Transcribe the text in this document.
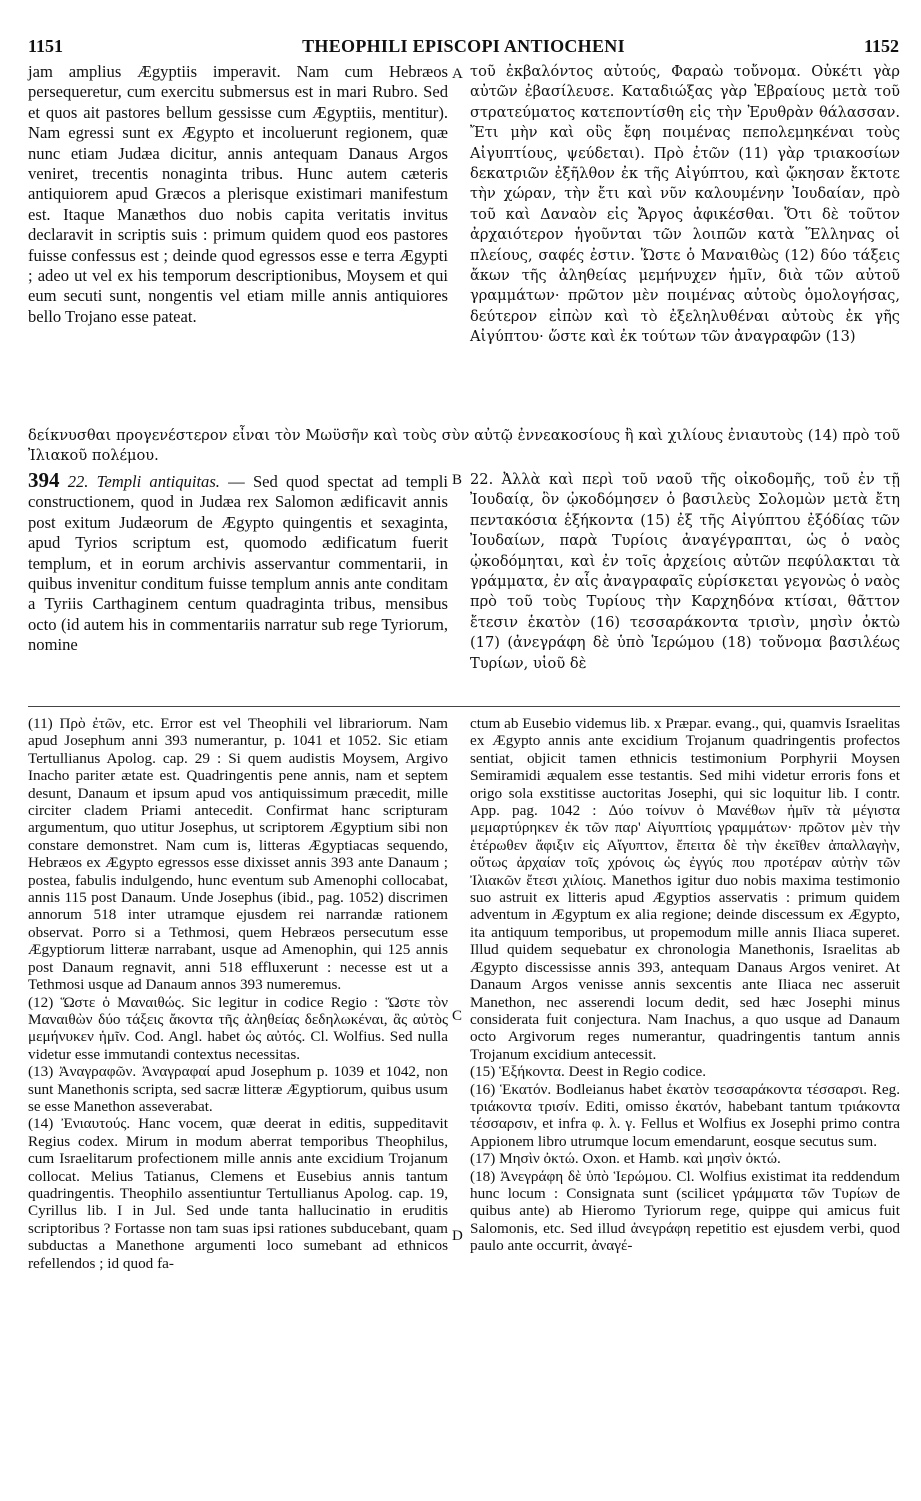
1151	THEOPHILI EPISCOPI ANTIOCHENI	1152

jam amplius Ægyptiis imperavit. Nam cum Hebræos persequeretur, cum exercitu submersus est in mari Rubro. Sed et quos ait pastores bellum gessisse cum Ægyptiis, mentitur). Nam egressi sunt ex Ægypto et incoluerunt regionem, quæ nunc etiam Judæa dicitur, annis antequam Danaus Argos veniret, trecentis nonaginta tribus. Hunc autem cæteris antiquiorem apud Græcos a plerisque existimari manifestum est. Itaque Manæthos duo nobis capita veritatis invitus declaravit in scriptis suis : primum quidem quod eos pastores fuisse confessus est ; deinde quod egressos esse e terra Ægypti ; adeo ut vel ex his temporum descriptionibus, Moysem et qui eum secuti sunt, nongentis vel etiam mille annis antiquiores bello Trojano esse pateat.

A τοῦ ἐκβαλόντος αὐτούς, Φαραὼ τοὔνομα. Οὐκέτι γὰρ αὐτῶν ἐβασίλευσε. Καταδιώξας γὰρ Ἑβραίους μετὰ τοῦ στρατεύματος κατεποντίσθη εἰς τὴν Ἐρυθρὰν θάλασσαν. Ἔτι μὴν καὶ οὓς ἔφη ποιμένας πεπολεμηκέναι τοὺς Αἰγυπτίους, ψεύδεται). Πρὸ ἐτῶν (11) γὰρ τριακοσίων δεκατριῶν ἐξῆλθον ἐκ τῆς Αἰγύπτου, καὶ ᾤκησαν ἔκτοτε τὴν χώραν, τὴν ἔτι καὶ νῦν καλουμένην Ἰουδαίαν, πρὸ τοῦ καὶ Δαναὸν εἰς Ἄργος ἀφικέσθαι. Ὅτι δὲ τοῦτον ἀρχαιότερον ἡγοῦνται τῶν λοιπῶν κατὰ Ἕλληνας οἱ πλείους, σαφές ἐστιν. Ὥστε ὁ Μαναιθὼς (12) δύο τάξεις ἄκων τῆς ἀληθείας μεμήνυχεν ἡμῖν, διὰ τῶν αὐτοῦ γραμμάτων· πρῶτον μὲν ποιμένας αὐτοὺς ὁμολογήσας, δεύτερον εἰπὼν καὶ τὸ ἐξεληλυθέναι αὐτοὺς ἐκ γῆς Αἰγύπτου· ὥστε καὶ ἐκ τούτων τῶν ἀναγραφῶν (13)

δείκνυσθαι προγενέστερον εἶναι τὸν Μωϋσῆν καὶ τοὺς σὺν αὐτῷ ἐννεακοσίους ἢ καὶ χιλίους ἐνιαυτοὺς (14) πρὸ τοῦ Ἰλιακοῦ πολέμου.

394 22. Templi antiquitas. — Sed quod spectat ad templi constructionem, quod in Judæa rex Salomon ædificavit annis post exitum Judæorum de Ægypto quingentis et sexaginta, apud Tyrios scriptum est, quomodo ædificatum fuerit templum, et in eorum archivis asservantur commentarii, in quibus invenitur conditum fuisse templum annis ante conditam a Tyriis Carthaginem centum quadraginta tribus, mensibus octo (id autem his in commentariis narratur sub rege Tyriorum, nomine

B 22. Ἀλλὰ καὶ περὶ τοῦ ναοῦ τῆς οἰκοδομῆς, τοῦ ἐν τῇ Ἰουδαίᾳ, ὃν ᾠκοδόμησεν ὁ βασιλεὺς Σολομὼν μετὰ ἔτη πεντακόσια ἑξήκοντα (15) ἐξ τῆς Αἰγύπτου ἐξόδίας τῶν Ἰουδαίων, παρὰ Τυρίοις ἀναγέγραπται, ὡς ὁ ναὸς ᾠκοδόμηται, καὶ ἐν τοῖς ἀρχείοις αὐτῶν πεφύλακται τὰ γράμματα, ἐν αἷς ἀναγραφαῖς εὑρίσκεται γεγονὼς ὁ ναὸς πρὸ τοῦ τοὺς Τυρίους τὴν Καρχηδόνα κτίσαι, θᾶττον ἔτεσιν ἑκατὸν (16) τεσσαράκοντα τρισὶν, μησὶν ὀκτὼ (17) (ἀνεγράφη δὲ ὑπὸ Ἱερώμου (18) τοὔνομα βασιλέως Τυρίων, υἱοῦ δὲ

(11) Πρὸ ἐτῶν, etc. Error est vel Theophili vel librariorum. Nam apud Josephum anni 393 numerantur, p. 1041 et 1052. Sic etiam Tertullianus Apolog. cap. 29 : Si quem audistis Moysem, Argivo Inacho pariter ætate est. Quadringentis pene annis, nam et septem desunt, Danaum et ipsum apud vos antiquissimum præcedit, mille circiter cladem Priami antecedit. Confirmat hanc scripturam argumentum, quo utitur Josephus, ut scriptorem Ægyptium sibi non constare demonstret. Nam cum is, litteras Ægyptiacas sequendo, Hebræos ex Ægypto egressos esse dixisset annis 393 ante Danaum ; postea, fabulis indulgendo, hunc eventum sub Amenophi collocabat, annis 115 post Danaum. Unde Josephus (ibid., pag. 1052) discrimen annorum 518 inter utramque ejusdem rei narrandæ rationem observat. Porro si a Tethmosi, quem Hebræos persecutum esse Ægyptiorum litteræ narrabant, usque ad Amenophin, qui 125 annis post Danaum regnavit, anni 518 effluxerunt : necesse est ut a Tethmosi usque ad Danaum annos 393 numeremus.

(12) Ὥστε ὁ Μαναιθώς. Sic legitur in codice Regio : Ὥστε τὸν Μαναιθὼν δύο τάξεις ἄκοντα τῆς ἀληθείας δεδηλωκέναι, ἃς αὐτὸς μεμήνυκεν ἡμῖν. Cod. Angl. habet ὡς αὐτός. Cl. Wolfius. Sed nulla videtur esse immutandi contextus necessitas.

(13) Ἀναγραφῶν. Ἀναγραφαί apud Josephum p. 1039 et 1042, non sunt Manethonis scripta, sed sacræ litteræ Ægyptiorum, quibus usum se esse Manethon asseverabat.

(14) Ἐνιαυτούς. Hanc vocem, quæ deerat in editis, suppeditavit Regius codex. Mirum in modum aberrat temporibus Theophilus, cum Israelitarum profectionem mille annis ante excidium Trojanum collocat. Melius Tatianus, Clemens et Eusebius annis tantum quadringentis. Theophilo assentiuntur Tertullianus Apolog. cap. 19, Cyrillus lib. I in Jul. Sed unde tanta hallucinatio in eruditis scriptoribus ? Fortasse non tam suas ipsi rationes subducebant, quam subductas a Manethone argumenti loco sumebant ad ethnicos refellendos ; id quod fa-

C
D

ctum ab Eusebio videmus lib. x Præpar. evang., qui, quamvis Israelitas ex Ægypto annis ante excidium Trojanum quadringentis profectos sentiat, objicit tamen ethnicis testimonium Porphyrii Moysen Semiramidi æqualem esse testantis. Sed mihi videtur erroris fons et origo sola exstitisse auctoritas Josephi, qui sic loquitur lib. I contr. App. pag. 1042 : Δύο τοίνυν ὁ Μανέθων ἡμῖν τὰ μέγιστα μεμαρτύρηκεν ἐκ τῶν παρ' Αἰγυπτίοις γραμμάτων· πρῶτον μὲν τὴν ἑτέρωθεν ἄφιξιν εἰς Αἴγυπτον, ἔπειτα δὲ τὴν ἐκεῖθεν ἀπαλλαγὴν, οὕτως ἀρχαίαν τοῖς χρόνοις ὡς ἐγγύς που προτέραν αὐτὴν τῶν Ἰλιακῶν ἔτεσι χιλίοις. Manethos igitur duo nobis maxima testimonio suo astruit ex litteris apud Ægyptios asservatis : primum quidem adventum in Ægyptum ex alia regione; deinde discessum ex Ægypto, ita antiquum temporibus, ut propemodum mille annis Iliaca superet. Illud quidem sequebatur ex chronologia Manethonis, Israelitas ab Ægypto discessisse annis 393, antequam Danaus Argos veniret. At Danaum Argos venisse annis sexcentis ante Iliaca nec asseruit Manethon, nec asserendi locum dedit, sed hæc Josephi minus considerata fuit conjectura. Nam Inachus, a quo usque ad Danaum octo Argivorum reges numerantur, quadringentis tantum annis Trojanum excidium antecessit.

(15) Ἑξήκοντα. Deest in Regio codice.

(16) Ἑκατόν. Bodleianus habet ἑκατὸν τεσσαράκοντα τέσσαρσι. Reg. τριάκοντα τρισίν. Editi, omisso ἑκατόν, habebant tantum τριάκοντα τέσσαρσιν, et infra φ. λ. γ. Fellus et Wolfius ex Josephi primo contra Appionem libro utrumque locum emendarunt, eosque secutus sum.

(17) Μησὶν ὀκτώ. Oxon. et Hamb. καὶ μησὶν ὀκτώ.

(18) Ἀνεγράφη δὲ ὑπὸ Ἱερώμου. Cl. Wolfius existimat ita reddendum hunc locum : Consignata sunt (scilicet γράμματα τῶν Τυρίων de quibus ante) ab Hieromo Tyriorum rege, quippe qui amicus fuit Salomonis, etc. Sed illud ἀνεγράφη repetitio est ejusdem verbi, quod paulo ante occurrit, ἀναγέ-
